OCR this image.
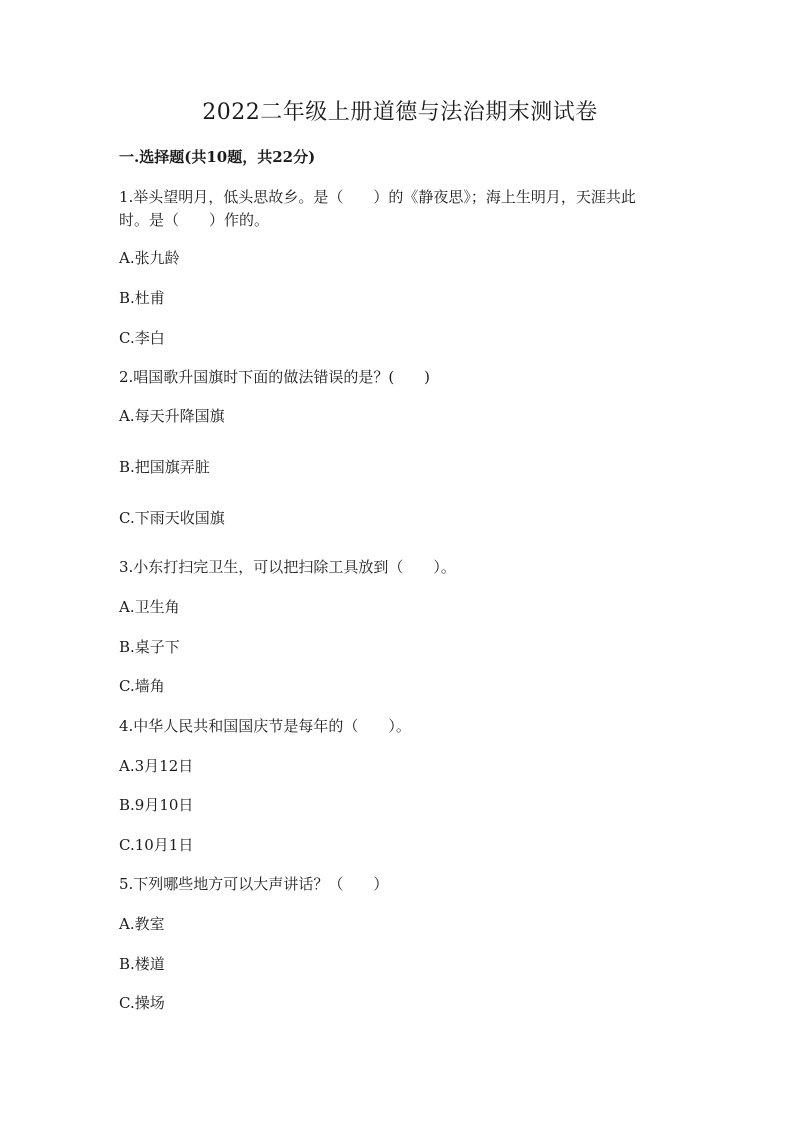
2022二年级上册道德与法治期末测试卷
一.选择题(共10题，共22分)
1.举头望明月，低头思故乡。是（　　）的《静夜思》；海上生明月，天涯共此
时。是（　　）作的。
A.张九龄
B.杜甫
C.李白
2.唱国歌升国旗时下面的做法错误的是？(　　)
A.每天升降国旗
B.把国旗弄脏
C.下雨天收国旗
3.小东打扫完卫生，可以把扫除工具放到（　　）。
A.卫生角
B.桌子下
C.墙角
4.中华人民共和国国庆节是每年的（　　）。
A.3月12日
B.9月10日
C.10月1日
5.下列哪些地方可以大声讲话？（　　）
A.教室
B.楼道
C.操场
